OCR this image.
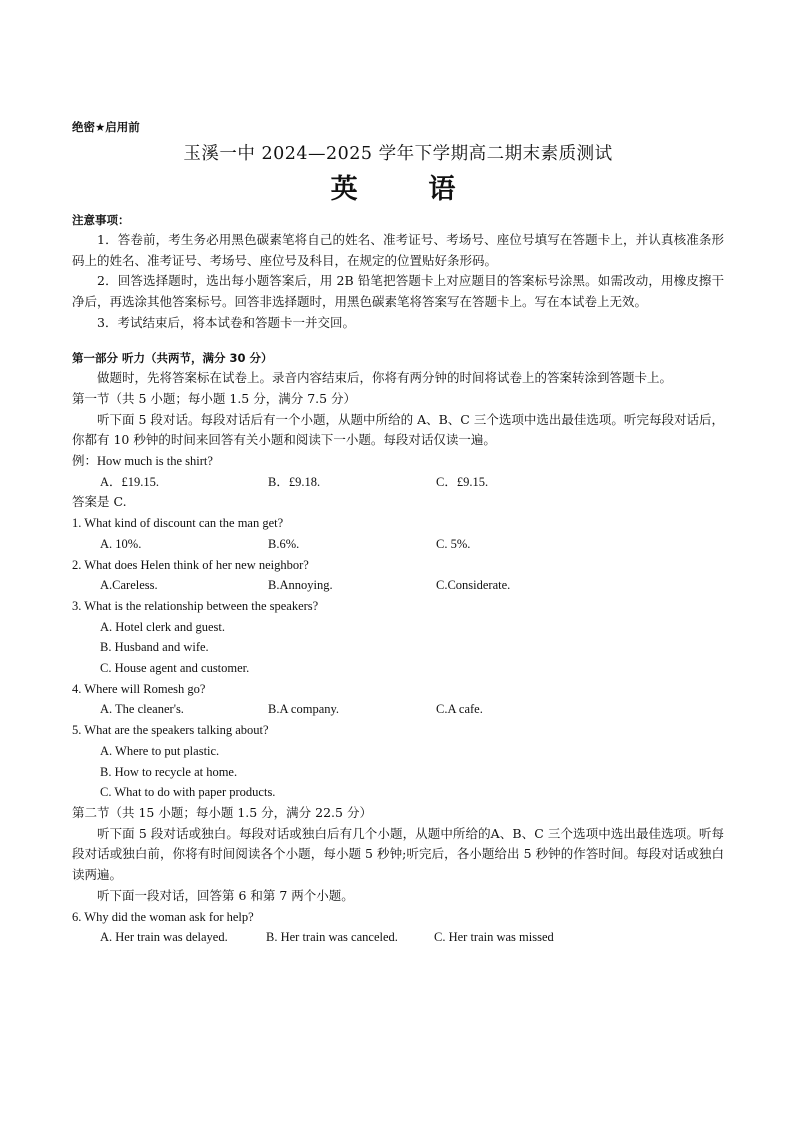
绝密★启用前
玉溪一中 2024—2025 学年下学期高二期末素质测试
英 语
注意事项：
1．答卷前，考生务必用黑色碳素笔将自己的姓名、准考证号、考场号、座位号填写在答题卡上，并认真核准条形码上的姓名、准考证号、考场号、座位号及科目，在规定的位置贴好条形码。
2．回答选择题时，选出每小题答案后，用 2B 铅笔把答题卡上对应题目的答案标号涂黑。如需改动，用橡皮擦干净后，再选涂其他答案标号。回答非选择题时，用黑色碳素笔将答案写在答题卡上。写在本试卷上无效。
3．考试结束后，将本试卷和答题卡一并交回。
第一部分 听力（共两节，满分 30 分）
做题时，先将答案标在试卷上。录音内容结束后，你将有两分钟的时间将试卷上的答案转涂到答题卡上。
第一节（共 5 小题；每小题 1.5 分，满分 7.5 分）
听下面 5 段对话。每段对话后有一个小题，从题中所给的 A、B、C 三个选项中选出最佳选项。听完每段对话后，你都有 10 秒钟的时间来回答有关小题和阅读下一小题。每段对话仅读一遍。
例：How much is the shirt?
A．£19.15.	B．£9.18.	C．£9.15.
答案是 C.
1. What kind of discount can the man get?
A. 10%.	B.6%.	C. 5%.
2. What does Helen think of her new neighbor?
A.Careless.	B.Annoying.	C.Considerate.
3. What is the relationship between the speakers?
A. Hotel clerk and guest.
B. Husband and wife.
C. House agent and customer.
4. Where will Romesh go?
A. The cleaner's.	B.A company.	C.A cafe.
5. What are the speakers talking about?
A. Where to put plastic.
B. How to recycle at home.
C. What to do with paper products.
第二节（共 15 小题；每小题 1.5 分，满分 22.5 分）
听下面 5 段对话或独白。每段对话或独白后有几个小题，从题中所给的A、B、C 三个选项中选出最佳选项。听每段对话或独白前，你将有时间阅读各个小题，每小题 5 秒钟;听完后，各小题给出 5 秒钟的作答时间。每段对话或独白读两遍。
听下面一段对话，回答第 6 和第 7 两个小题。
6. Why did the woman ask for help?
A. Her train was delayed.	B. Her train was canceled.	C. Her train was missed
